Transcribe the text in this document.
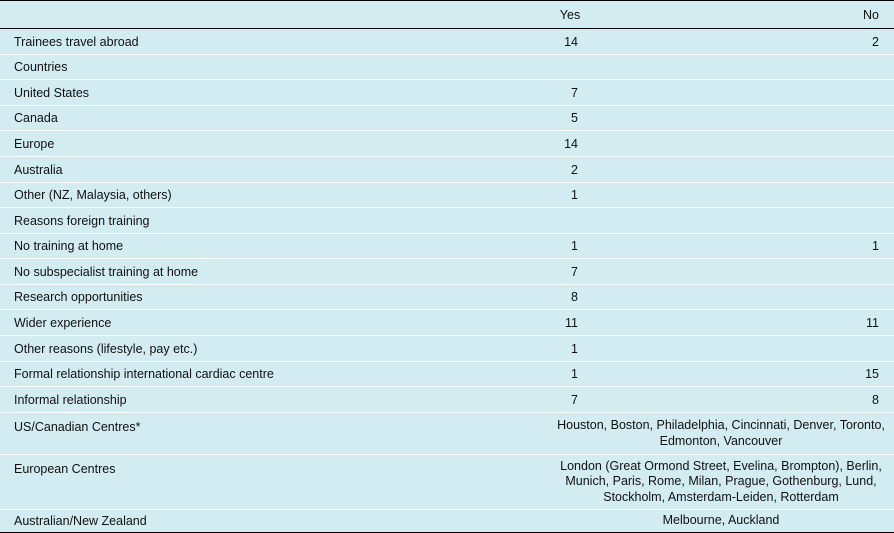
Yes	No
Trainees travel abroad	14	2
Countries
United States	7
Canada	5
Europe	14
Australia	2
Other (NZ, Malaysia, others)	1
Reasons foreign training
No training at home	1	1
No subspecialist training at home	7
Research opportunities	8
Wider experience	11	11
Other reasons (lifestyle, pay etc.)	1
Formal relationship international cardiac centre	1	15
Informal relationship	7	8
US/Canadian Centres*	Houston, Boston, Philadelphia, Cincinnati, Denver, Toronto, Edmonton, Vancouver
European Centres	London (Great Ormond Street, Evelina, Brompton), Berlin, Munich, Paris, Rome, Milan, Prague, Gothenburg, Lund, Stockholm, Amsterdam-Leiden, Rotterdam
Australian/New Zealand	Melbourne, Auckland
